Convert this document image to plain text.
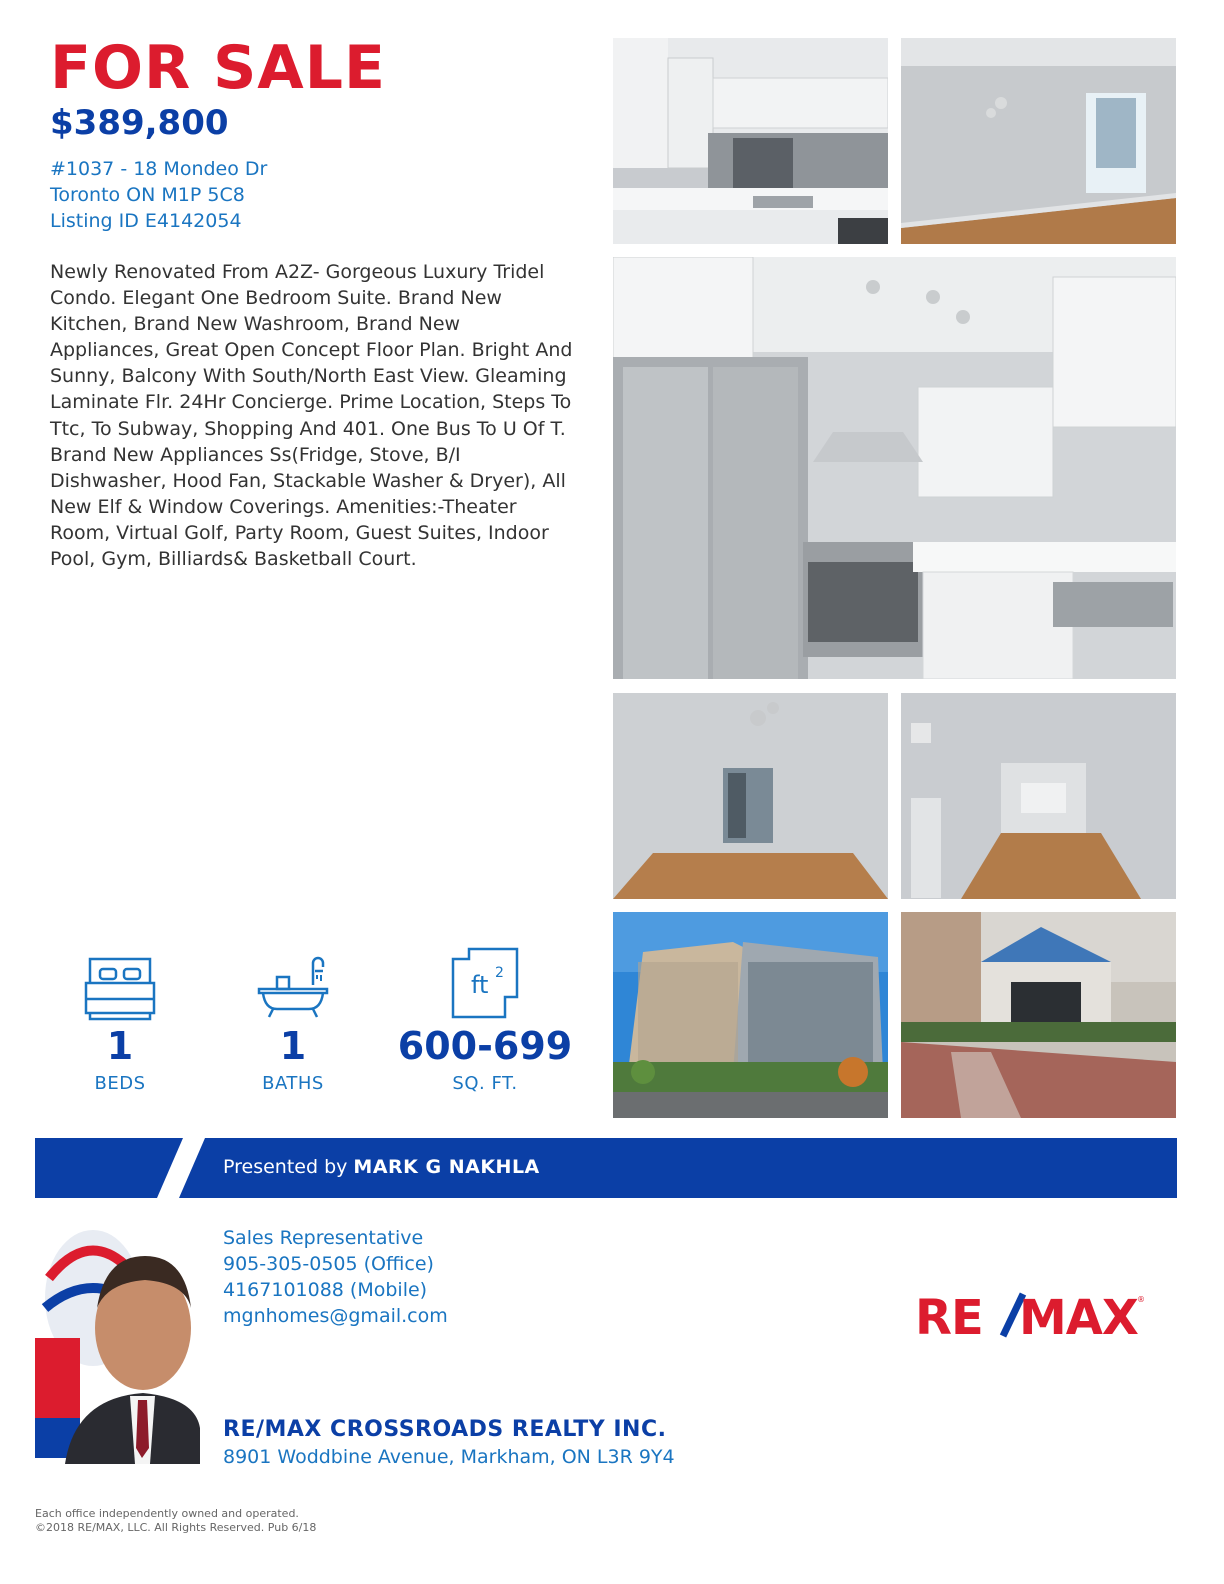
FOR SALE
$389,800
#1037 - 18 Mondeo Dr
Toronto ON M1P 5C8
Listing ID E4142054

Newly Renovated From A2Z- Gorgeous Luxury Tridel Condo. Elegant One Bedroom Suite. Brand New Kitchen, Brand New Washroom, Brand New Appliances, Great Open Concept Floor Plan. Bright And Sunny, Balcony With South/North East View. Gleaming Laminate Flr. 24Hr Concierge. Prime Location, Steps To Ttc, To Subway, Shopping And 401. One Bus To U Of T.

Brand New Appliances Ss(Fridge, Stove, B/I Dishwasher, Hood Fan, Stackable Washer & Dryer), All New Elf & Window Coverings. Amenities:-Theater Room, Virtual Golf, Party Room, Guest Suites, Indoor Pool, Gym, Billiards& Basketball Court.

1
BEDS
1
BATHS
ft 2
600-699
SQ. FT.
Presented by MARK G NAKHLA
Sales Representative
905-305-0505 (Office)
4167101088 (Mobile)
mgnhomes@gmail.com
RE/MAX CROSSROADS REALTY INC.
8901 Woddbine Avenue, Markham, ON L3R 9Y4
RE MAX ®
Each office independently owned and operated.
©2018 RE/MAX, LLC. All Rights Reserved. Pub 6/18
